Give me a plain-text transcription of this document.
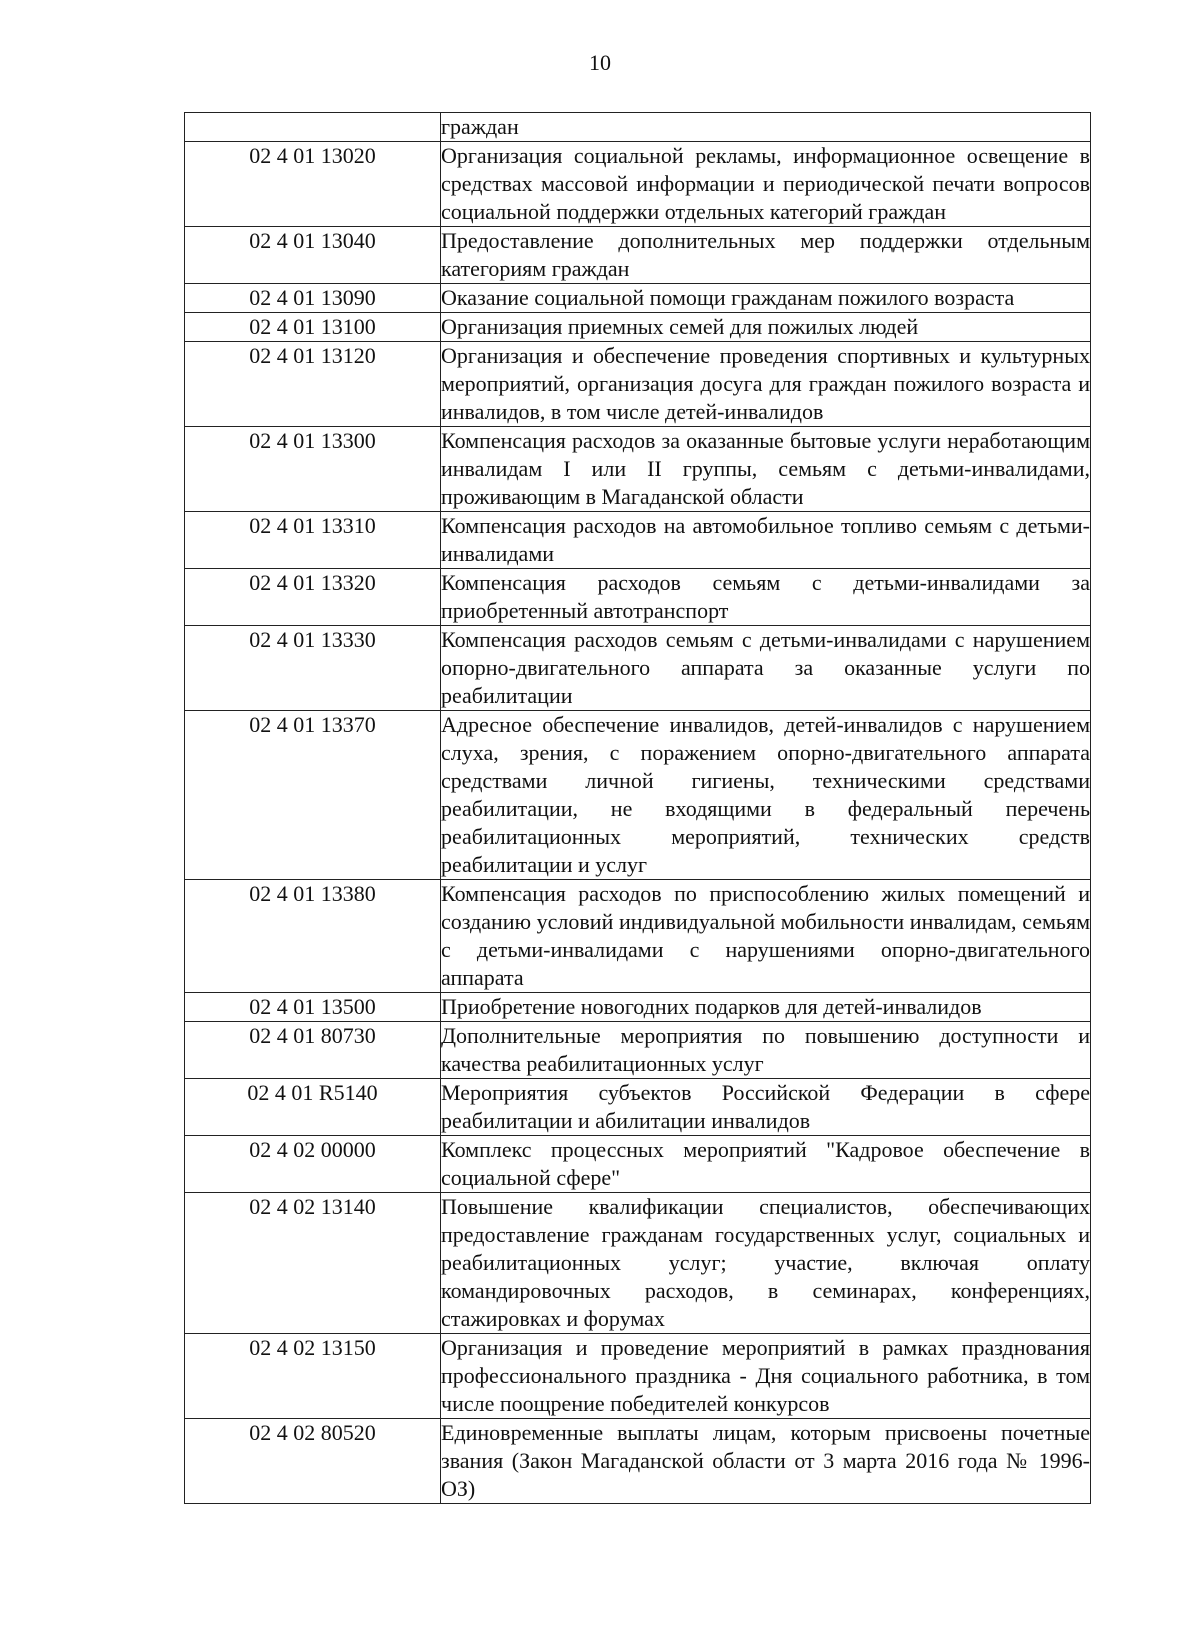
10
	граждан
02 4 01 13020	Организация социальной рекламы, информационное освещение в средствах массовой информации и периодической печати вопросов социальной поддержки отдельных категорий граждан
02 4 01 13040	Предоставление дополнительных мер поддержки отдельным категориям граждан
02 4 01 13090	Оказание социальной помощи гражданам пожилого возраста
02 4 01 13100	Организация приемных семей для пожилых людей
02 4 01 13120	Организация и обеспечение проведения спортивных и культурных мероприятий, организация досуга для граждан пожилого возраста и инвалидов, в том числе детей-инвалидов
02 4 01 13300	Компенсация расходов за оказанные бытовые услуги неработающим инвалидам I или II группы, семьям с детьми-инвалидами, проживающим в Магаданской области
02 4 01 13310	Компенсация расходов на автомобильное топливо семьям с детьми-инвалидами
02 4 01 13320	Компенсация расходов семьям с детьми-инвалидами за приобретенный автотранспорт
02 4 01 13330	Компенсация расходов семьям с детьми-инвалидами с нарушением опорно-двигательного аппарата за оказанные услуги по реабилитации
02 4 01 13370	Адресное обеспечение инвалидов, детей-инвалидов с нарушением слуха, зрения, с поражением опорно-двигательного аппарата средствами личной гигиены, техническими средствами реабилитации, не входящими в федеральный перечень реабилитационных мероприятий, технических средств реабилитации и услуг
02 4 01 13380	Компенсация расходов по приспособлению жилых помещений и созданию условий индивидуальной мобильности инвалидам, семьям с детьми-инвалидами с нарушениями опорно-двигательного аппарата
02 4 01 13500	Приобретение новогодних подарков для детей-инвалидов
02 4 01 80730	Дополнительные мероприятия по повышению доступности и качества реабилитационных услуг
02 4 01 R5140	Мероприятия субъектов Российской Федерации в сфере реабилитации и абилитации инвалидов
02 4 02 00000	Комплекс процессных мероприятий "Кадровое обеспечение в социальной сфере"
02 4 02 13140	Повышение квалификации специалистов, обеспечивающих предоставление гражданам государственных услуг, социальных и реабилитационных услуг; участие, включая оплату командировочных расходов, в семинарах, конференциях, стажировках и форумах
02 4 02 13150	Организация и проведение мероприятий в рамках празднования профессионального праздника - Дня социального работника, в том числе поощрение победителей конкурсов
02 4 02 80520	Единовременные выплаты лицам, которым присвоены почетные звания (Закон Магаданской области от 3 марта 2016 года № 1996-ОЗ)
